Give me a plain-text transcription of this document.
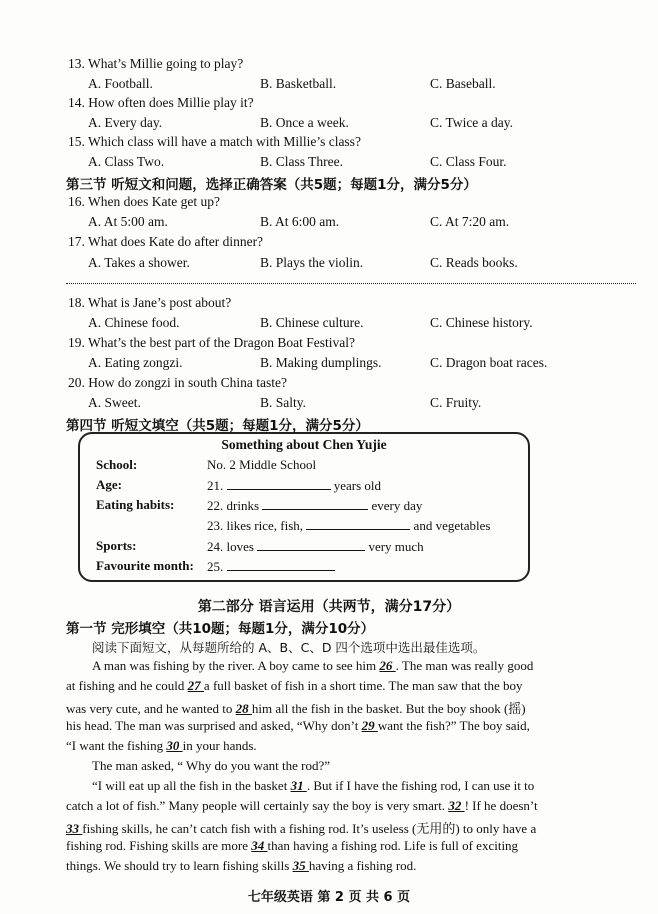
13. What’s Millie going to play?
A. Football.	B. Basketball.	C. Baseball.
14. How often does Millie play it?
A. Every day.	B. Once a week.	C. Twice a day.
15. Which class will have a match with Millie’s class?
A. Class Two.	B. Class Three.	C. Class Four.
第三节 听短文和问题，选择正确答案（共5题；每题1分，满分5分）
16. When does Kate get up?
A. At 5:00 am.	B. At 6:00 am.	C. At 7:20 am.
17. What does Kate do after dinner?
A. Takes a shower.	B. Plays the violin.	C. Reads books.
18. What is Jane’s post about?
A. Chinese food.	B. Chinese culture.	C. Chinese history.
19. What’s the best part of the Dragon Boat Festival?
A. Eating zongzi.	B. Making dumplings.	C. Dragon boat races.
20. How do zongzi in south China taste?
A. Sweet.	B. Salty.	C. Fruity.
第四节 听短文填空（共5题；每题1分，满分5分）
Something about Chen Yujie
School:	No. 2 Middle School
Age:	21.	years old
Eating habits:	22. drinks	every day
23. likes rice, fish,	and vegetables
Sports:	24. loves	very much
Favourite month: 25.
第二部分 语言运用（共两节，满分17分）
第一节 完形填空（共10题；每题1分，满分10分）
阅读下面短文，从每题所给的 A、B、C、D 四个选项中选出最佳选项。
A man was fishing by the river. A boy came to see him 26 . The man was really good
at fishing and he could 27 a full basket of fish in a short time. The man saw that the boy
was very cute, and he wanted to 28 him all the fish in the basket. But the boy shook (摇)
his head. The man was surprised and asked, “Why don’t 29 want the fish?” The boy said,
“I want the fishing 30 in your hands.
The man asked, “ Why do you want the rod?”
“I will eat up all the fish in the basket 31 . But if I have the fishing rod, I can use it to
catch a lot of fish.” Many people will certainly say the boy is very smart. 32 ! If he doesn’t
33 fishing skills, he can’t catch fish with a fishing rod. It’s useless (无用的) to only have a
fishing rod. Fishing skills are more 34 than having a fishing rod. Life is full of exciting
things. We should try to learn fishing skills 35 having a fishing rod.
七年级英语 第 2 页 共 6 页
